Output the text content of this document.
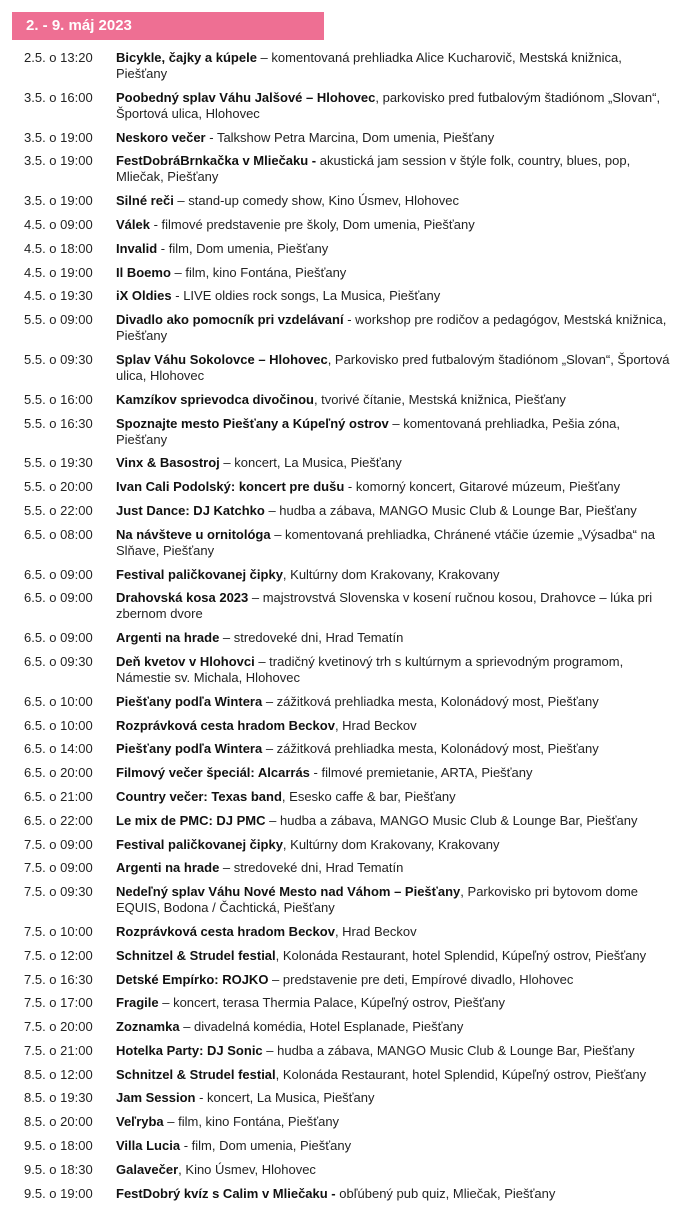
2. - 9. máj 2023
2.5. o 13:20	Bicykle, čajky a kúpele – komentovaná prehliadka Alice Kucharovič, Mestská knižnica, Piešťany
3.5. o 16:00	Poobedný splav Váhu Jalšové – Hlohovec, parkovisko pred futbalovým štadiónom „Slovan“, Športová ulica, Hlohovec
3.5. o 19:00	Neskoro večer - Talkshow Petra Marcina, Dom umenia, Piešťany
3.5. o 19:00	FestDobráBrnkačka v Mliečaku - akustická jam session v štýle folk, country, blues, pop, Mliečak, Piešťany
3.5. o 19:00	Silné reči – stand-up comedy show, Kino Úsmev, Hlohovec
4.5. o 09:00	Válek - filmové predstavenie pre školy, Dom umenia, Piešťany
4.5. o 18:00	Invalid - film, Dom umenia, Piešťany
4.5. o 19:00	Il Boemo – film, kino Fontána, Piešťany
4.5. o 19:30	iX Oldies - LIVE oldies rock songs, La Musica, Piešťany
5.5. o 09:00	Divadlo ako pomocník pri vzdelávaní - workshop pre rodičov a pedagógov, Mestská knižnica, Piešťany
5.5. o 09:30	Splav Váhu Sokolovce – Hlohovec, Parkovisko pred futbalovým štadiónom „Slovan“, Športová ulica, Hlohovec
5.5. o 16:00	Kamzíkov sprievodca divočinou, tvorivé čítanie, Mestská knižnica, Piešťany
5.5. o 16:30	Spoznajte mesto Piešťany a Kúpeľný ostrov – komentovaná prehliadka, Pešia zóna, Piešťany
5.5. o 19:30	Vinx & Basostroj – koncert, La Musica, Piešťany
5.5. o 20:00	Ivan Cali Podolský: koncert pre dušu - komorný koncert, Gitarové múzeum, Piešťany
5.5. o 22:00	Just Dance: DJ Katchko – hudba a zábava, MANGO Music Club & Lounge Bar, Piešťany
6.5. o 08:00	Na návšteve u ornitológa – komentovaná prehliadka, Chránené vtáčie územie „Výsadba“ na Slňave, Piešťany
6.5. o 09:00	Festival paličkovanej čipky, Kultúrny dom Krakovany, Krakovany
6.5. o 09:00	Drahovská kosa 2023 – majstrovstvá Slovenska v kosení ručnou kosou, Drahovce – lúka pri zbernom dvore
6.5. o 09:00	Argenti na hrade – stredoveké dni, Hrad Tematín
6.5. o 09:30	Deň kvetov v Hlohovci – tradičný kvetinový trh s kultúrnym a sprievodným programom, Námestie sv. Michala, Hlohovec
6.5. o 10:00	Piešťany podľa Wintera – zážitková prehliadka mesta, Kolonádový most, Piešťany
6.5. o 10:00	Rozprávková cesta hradom Beckov, Hrad Beckov
6.5. o 14:00	Piešťany podľa Wintera – zážitková prehliadka mesta, Kolonádový most, Piešťany
6.5. o 20:00	Filmový večer špeciál: Alcarrás - filmové premietanie, ARTA, Piešťany
6.5. o 21:00	Country večer: Texas band, Esesko caffe & bar, Piešťany
6.5. o 22:00	Le mix de PMC: DJ PMC – hudba a zábava, MANGO Music Club & Lounge Bar, Piešťany
7.5. o 09:00	Festival paličkovanej čipky, Kultúrny dom Krakovany, Krakovany
7.5. o 09:00	Argenti na hrade – stredoveké dni, Hrad Tematín
7.5. o 09:30	Nedeľný splav Váhu Nové Mesto nad Váhom – Piešťany, Parkovisko pri bytovom dome EQUIS, Bodona / Čachtická, Piešťany
7.5. o 10:00	Rozprávková cesta hradom Beckov, Hrad Beckov
7.5. o 12:00	Schnitzel & Strudel festial, Kolonáda Restaurant, hotel Splendid, Kúpeľný ostrov, Piešťany
7.5. o 16:30	Detské Empírko: ROJKO – predstavenie pre deti, Empírové divadlo, Hlohovec
7.5. o 17:00	Fragile – koncert, terasa Thermia Palace, Kúpeľný ostrov, Piešťany
7.5. o 20:00	Zoznamka – divadelná komédia, Hotel Esplanade, Piešťany
7.5. o 21:00	Hotelka Party: DJ Sonic – hudba a zábava, MANGO Music Club & Lounge Bar, Piešťany
8.5. o 12:00	Schnitzel & Strudel festial, Kolonáda Restaurant, hotel Splendid, Kúpeľný ostrov, Piešťany
8.5. o 19:30	Jam Session - koncert, La Musica, Piešťany
8.5. o 20:00	Veľryba – film, kino Fontána, Piešťany
9.5. o 18:00	Villa Lucia - film, Dom umenia, Piešťany
9.5. o 18:30	Galavečer, Kino Úsmev, Hlohovec
9.5. o 19:00	FestDobrý kvíz s Calim v Mliečaku - obľúbený pub quiz, Mliečak, Piešťany
